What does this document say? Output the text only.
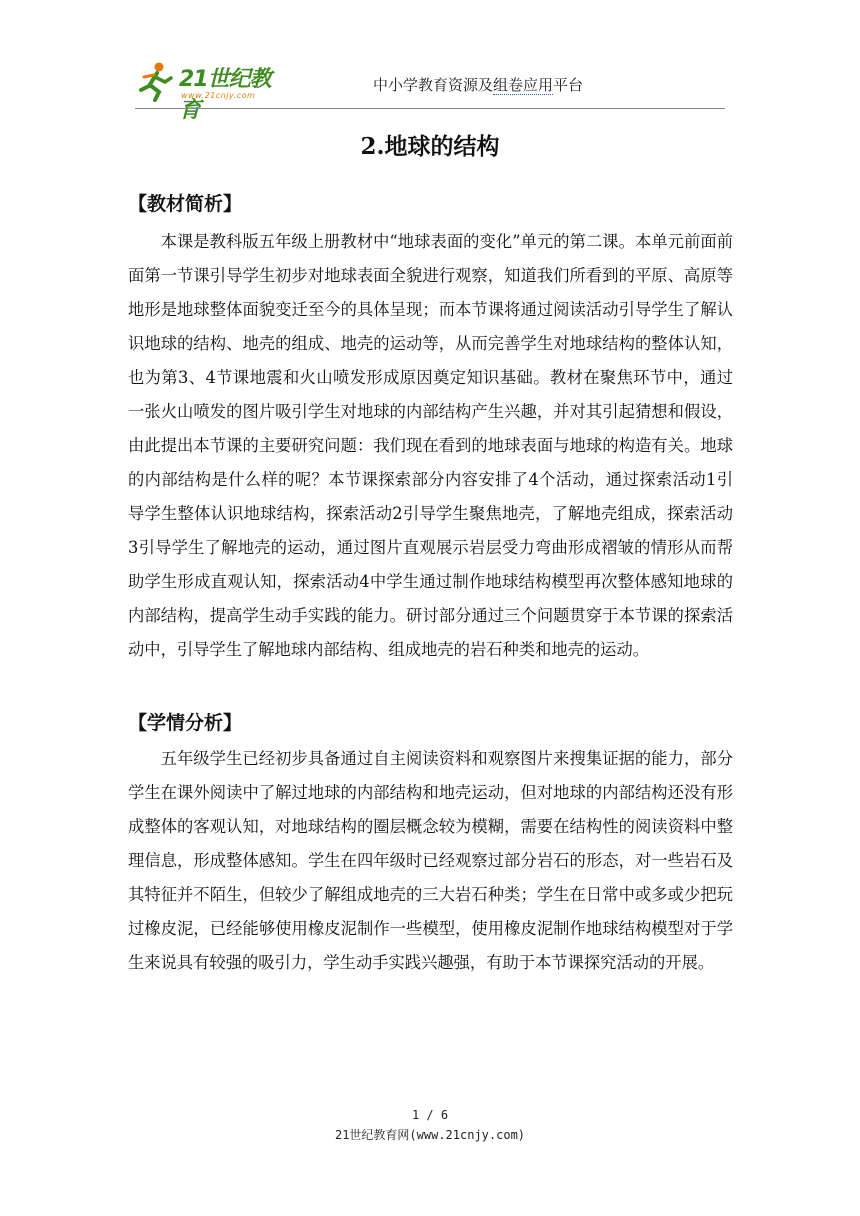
21世纪教育
www.21cnjy.com
中小学教育资源及组卷应用平台
2.地球的结构
【教材简析】

本课是教科版五年级上册教材中“地球表面的变化”单元的第二课。本单元前面前面第一节课引导学生初步对地球表面全貌进行观察，知道我们所看到的平原、高原等地形是地球整体面貌变迁至今的具体呈现；而本节课将通过阅读活动引导学生了解认识地球的结构、地壳的组成、地壳的运动等，从而完善学生对地球结构的整体认知，也为第3、4节课地震和火山喷发形成原因奠定知识基础。教材在聚焦环节中，通过一张火山喷发的图片吸引学生对地球的内部结构产生兴趣，并对其引起猜想和假设，由此提出本节课的主要研究问题：我们现在看到的地球表面与地球的构造有关。地球的内部结构是什么样的呢？本节课探索部分内容安排了4个活动，通过探索活动1引导学生整体认识地球结构，探索活动2引导学生聚焦地壳，了解地壳组成，探索活动3引导学生了解地壳的运动，通过图片直观展示岩层受力弯曲形成褶皱的情形从而帮助学生形成直观认知，探索活动4中学生通过制作地球结构模型再次整体感知地球的内部结构，提高学生动手实践的能力。研讨部分通过三个问题贯穿于本节课的探索活动中，引导学生了解地球内部结构、组成地壳的岩石种类和地壳的运动。

【学情分析】

五年级学生已经初步具备通过自主阅读资料和观察图片来搜集证据的能力，部分学生在课外阅读中了解过地球的内部结构和地壳运动，但对地球的内部结构还没有形成整体的客观认知，对地球结构的圈层概念较为模糊，需要在结构性的阅读资料中整理信息，形成整体感知。学生在四年级时已经观察过部分岩石的形态，对一些岩石及其特征并不陌生，但较少了解组成地壳的三大岩石种类；学生在日常中或多或少把玩过橡皮泥，已经能够使用橡皮泥制作一些模型，使用橡皮泥制作地球结构模型对于学生来说具有较强的吸引力，学生动手实践兴趣强，有助于本节课探究活动的开展。

1 / 6
21世纪教育网(www.21cnjy.com)
